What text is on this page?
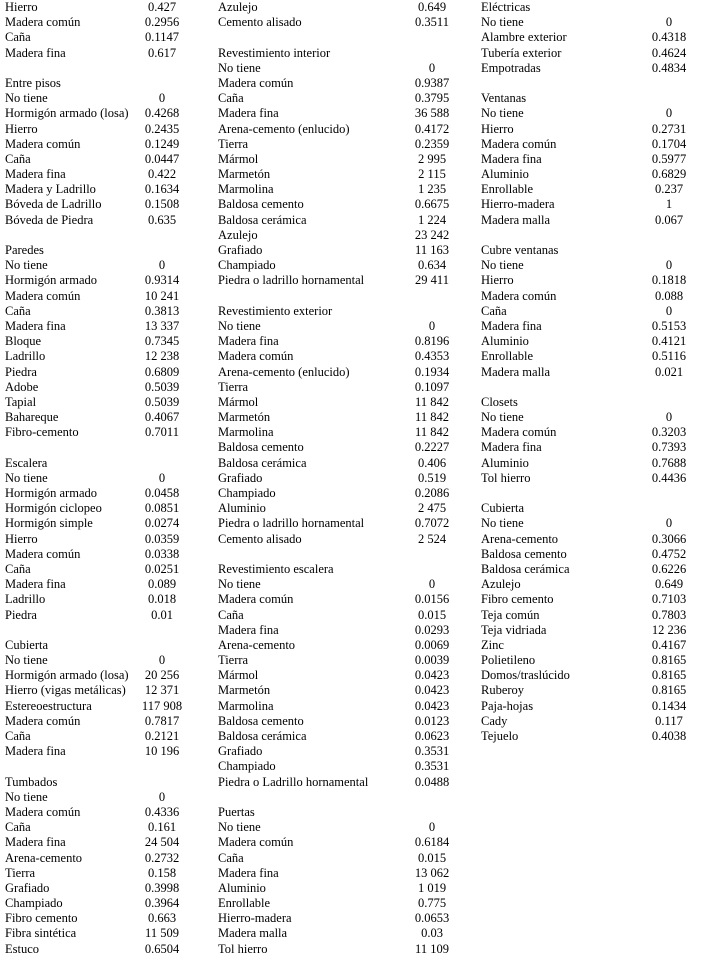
Hierro	0.427
Madera común	0.2956
Caña	0.1147
Madera fina	0.617
Entre pisos
No tiene	0
Hormigón armado (losa)	0.4268
Hierro	0.2435
Madera común	0.1249
Caña	0.0447
Madera fina	0.422
Madera y Ladrillo	0.1634
Bóveda de Ladrillo	0.1508
Bóveda de Piedra	0.635
Paredes
No tiene	0
Hormigón armado	0.9314
Madera común	10 241
Caña	0.3813
Madera fina	13 337
Bloque	0.7345
Ladrillo	12 238
Piedra	0.6809
Adobe	0.5039
Tapial	0.5039
Bahareque	0.4067
Fibro-cemento	0.7011
Escalera
No tiene	0
Hormigón armado	0.0458
Hormigón ciclopeo	0.0851
Hormigón simple	0.0274
Hierro	0.0359
Madera común	0.0338
Caña	0.0251
Madera fina	0.089
Ladrillo	0.018
Piedra	0.01
Cubierta
No tiene	0
Hormigón armado (losa)	20 256
Hierro (vigas metálicas)	12 371
Estereoestructura	117 908
Madera común	0.7817
Caña	0.2121
Madera fina	10 196
Tumbados
No tiene	0
Madera común	0.4336
Caña	0.161
Madera fina	24 504
Arena-cemento	0.2732
Tierra	0.158
Grafiado	0.3998
Champiado	0.3964
Fibro cemento	0.663
Fibra sintética	11 509
Estuco	0.6504
Azulejo	0.649
Cemento alisado	0.3511
Revestimiento interior
No tiene	0
Madera común	0.9387
Caña	0.3795
Madera fina	36 588
Arena-cemento (enlucido)	0.4172
Tierra	0.2359
Mármol	2 995
Marmetón	2 115
Marmolina	1 235
Baldosa cemento	0.6675
Baldosa cerámica	1 224
Azulejo	23 242
Grafiado	11 163
Champiado	0.634
Piedra o ladrillo hornamental	29 411
Revestimiento exterior
No tiene	0
Madera fina	0.8196
Madera común	0.4353
Arena-cemento (enlucido)	0.1934
Tierra	0.1097
Mármol	11 842
Marmetón	11 842
Marmolina	11 842
Baldosa cemento	0.2227
Baldosa cerámica	0.406
Grafiado	0.519
Champiado	0.2086
Aluminio	2 475
Piedra o ladrillo hornamental	0.7072
Cemento alisado	2 524
Revestimiento escalera
No tiene	0
Madera común	0.0156
Caña	0.015
Madera fina	0.0293
Arena-cemento	0.0069
Tierra	0.0039
Mármol	0.0423
Marmetón	0.0423
Marmolina	0.0423
Baldosa cemento	0.0123
Baldosa cerámica	0.0623
Grafiado	0.3531
Champiado	0.3531
Piedra o Ladrillo hornamental	0.0488
Puertas
No tiene	0
Madera común	0.6184
Caña	0.015
Madera fina	13 062
Aluminio	1 019
Enrollable	0.775
Hierro-madera	0.0653
Madera malla	0.03
Tol hierro	11 109
Eléctricas
No tiene	0
Alambre exterior	0.4318
Tubería exterior	0.4624
Empotradas	0.4834
Ventanas
No tiene	0
Hierro	0.2731
Madera común	0.1704
Madera fina	0.5977
Aluminio	0.6829
Enrollable	0.237
Hierro-madera	1
Madera malla	0.067
Cubre ventanas
No tiene	0
Hierro	0.1818
Madera común	0.088
Caña	0
Madera fina	0.5153
Aluminio	0.4121
Enrollable	0.5116
Madera malla	0.021
Closets
No tiene	0
Madera común	0.3203
Madera fina	0.7393
Aluminio	0.7688
Tol hierro	0.4436
Cubierta
No tiene	0
Arena-cemento	0.3066
Baldosa cemento	0.4752
Baldosa cerámica	0.6226
Azulejo	0.649
Fibro cemento	0.7103
Teja común	0.7803
Teja vidriada	12 236
Zinc	0.4167
Polietileno	0.8165
Domos/traslúcido	0.8165
Ruberoy	0.8165
Paja-hojas	0.1434
Cady	0.117
Tejuelo	0.4038
